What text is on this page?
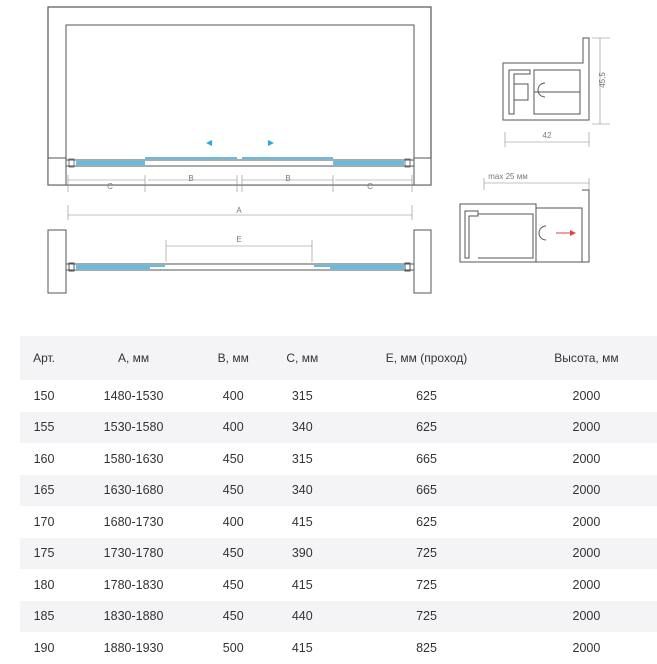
C
B	B
C
A
E
45,5
42
max 25 мм
Арт.	А, мм	B, мм	С, мм	Е, мм (проход)	Высота, мм
150	1480-1530	400	315	625	2000
155	1530-1580	400	340	625	2000
160	1580-1630	450	315	665	2000
165	1630-1680	450	340	665	2000
170	1680-1730	400	415	625	2000
175	1730-1780	450	390	725	2000
180	1780-1830	450	415	725	2000
185	1830-1880	450	440	725	2000
190	1880-1930	500	415	825	2000
